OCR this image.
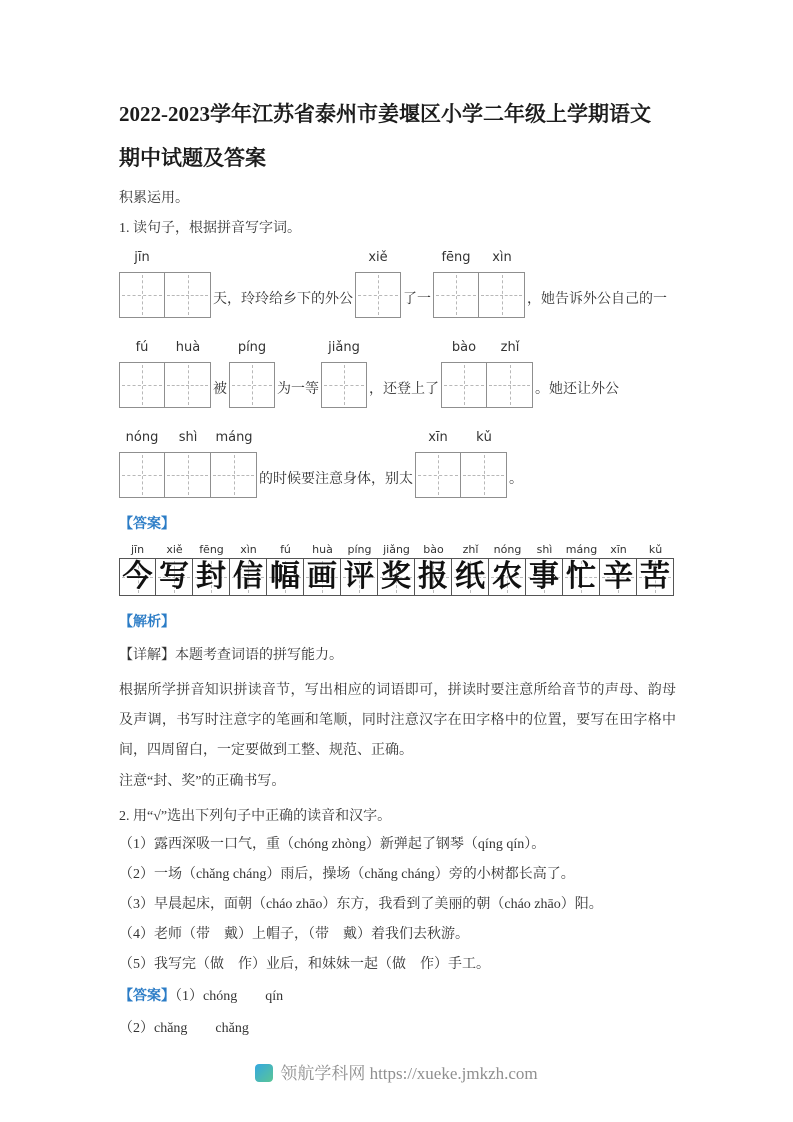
2022-2023学年江苏省泰州市姜堰区小学二年级上学期语文
期中试题及答案
积累运用。
1. 读句子，根据拼音写字词。
jīn
天，玲玲给乡下的外公
xiě
了一
fēng	xìn
，她告诉外公自己的一
fú	huà
被
píng
为一等
jiǎng
，还登上了
bào	zhǐ
。她还让外公
nóng	shì	máng
的时候要注意身体，别太
xīn	kǔ
。
【答案】
jīn
今
xiě
写
fēng
封
xìn
信
fú
幅
huà
画
píng
评
jiǎng
奖
bào
报
zhǐ
纸
nóng
农
shì
事
máng
忙
xīn
辛
kǔ
苦
【解析】
【详解】本题考查词语的拼写能力。
根据所学拼音知识拼读音节，写出相应的词语即可，拼读时要注意所给音节的声母、韵母及声调，书写时注意字的笔画和笔顺，同时注意汉字在田字格中的位置，要写在田字格中间，四周留白，一定要做到工整、规范、正确。
注意“封、奖”的正确书写。
2. 用“√”选出下列句子中正确的读音和汉字。
（1）露西深吸一口气，重（chóng zhòng）新弹起了钢琴（qíng qín）。
（2）一场（chǎng cháng）雨后，操场（chǎng cháng）旁的小树都长高了。
（3）早晨起床，面朝（cháo zhāo）东方，我看到了美丽的朝（cháo zhāo）阳。
（4）老师（带　戴）上帽子，（带　戴）着我们去秋游。
（5）我写完（做　作）业后，和妹妹一起（做　作）手工。
【答案】（1）chóng　　qín
（2）chǎng　　chǎng
领航学科网 https://xueke.jmkzh.com
